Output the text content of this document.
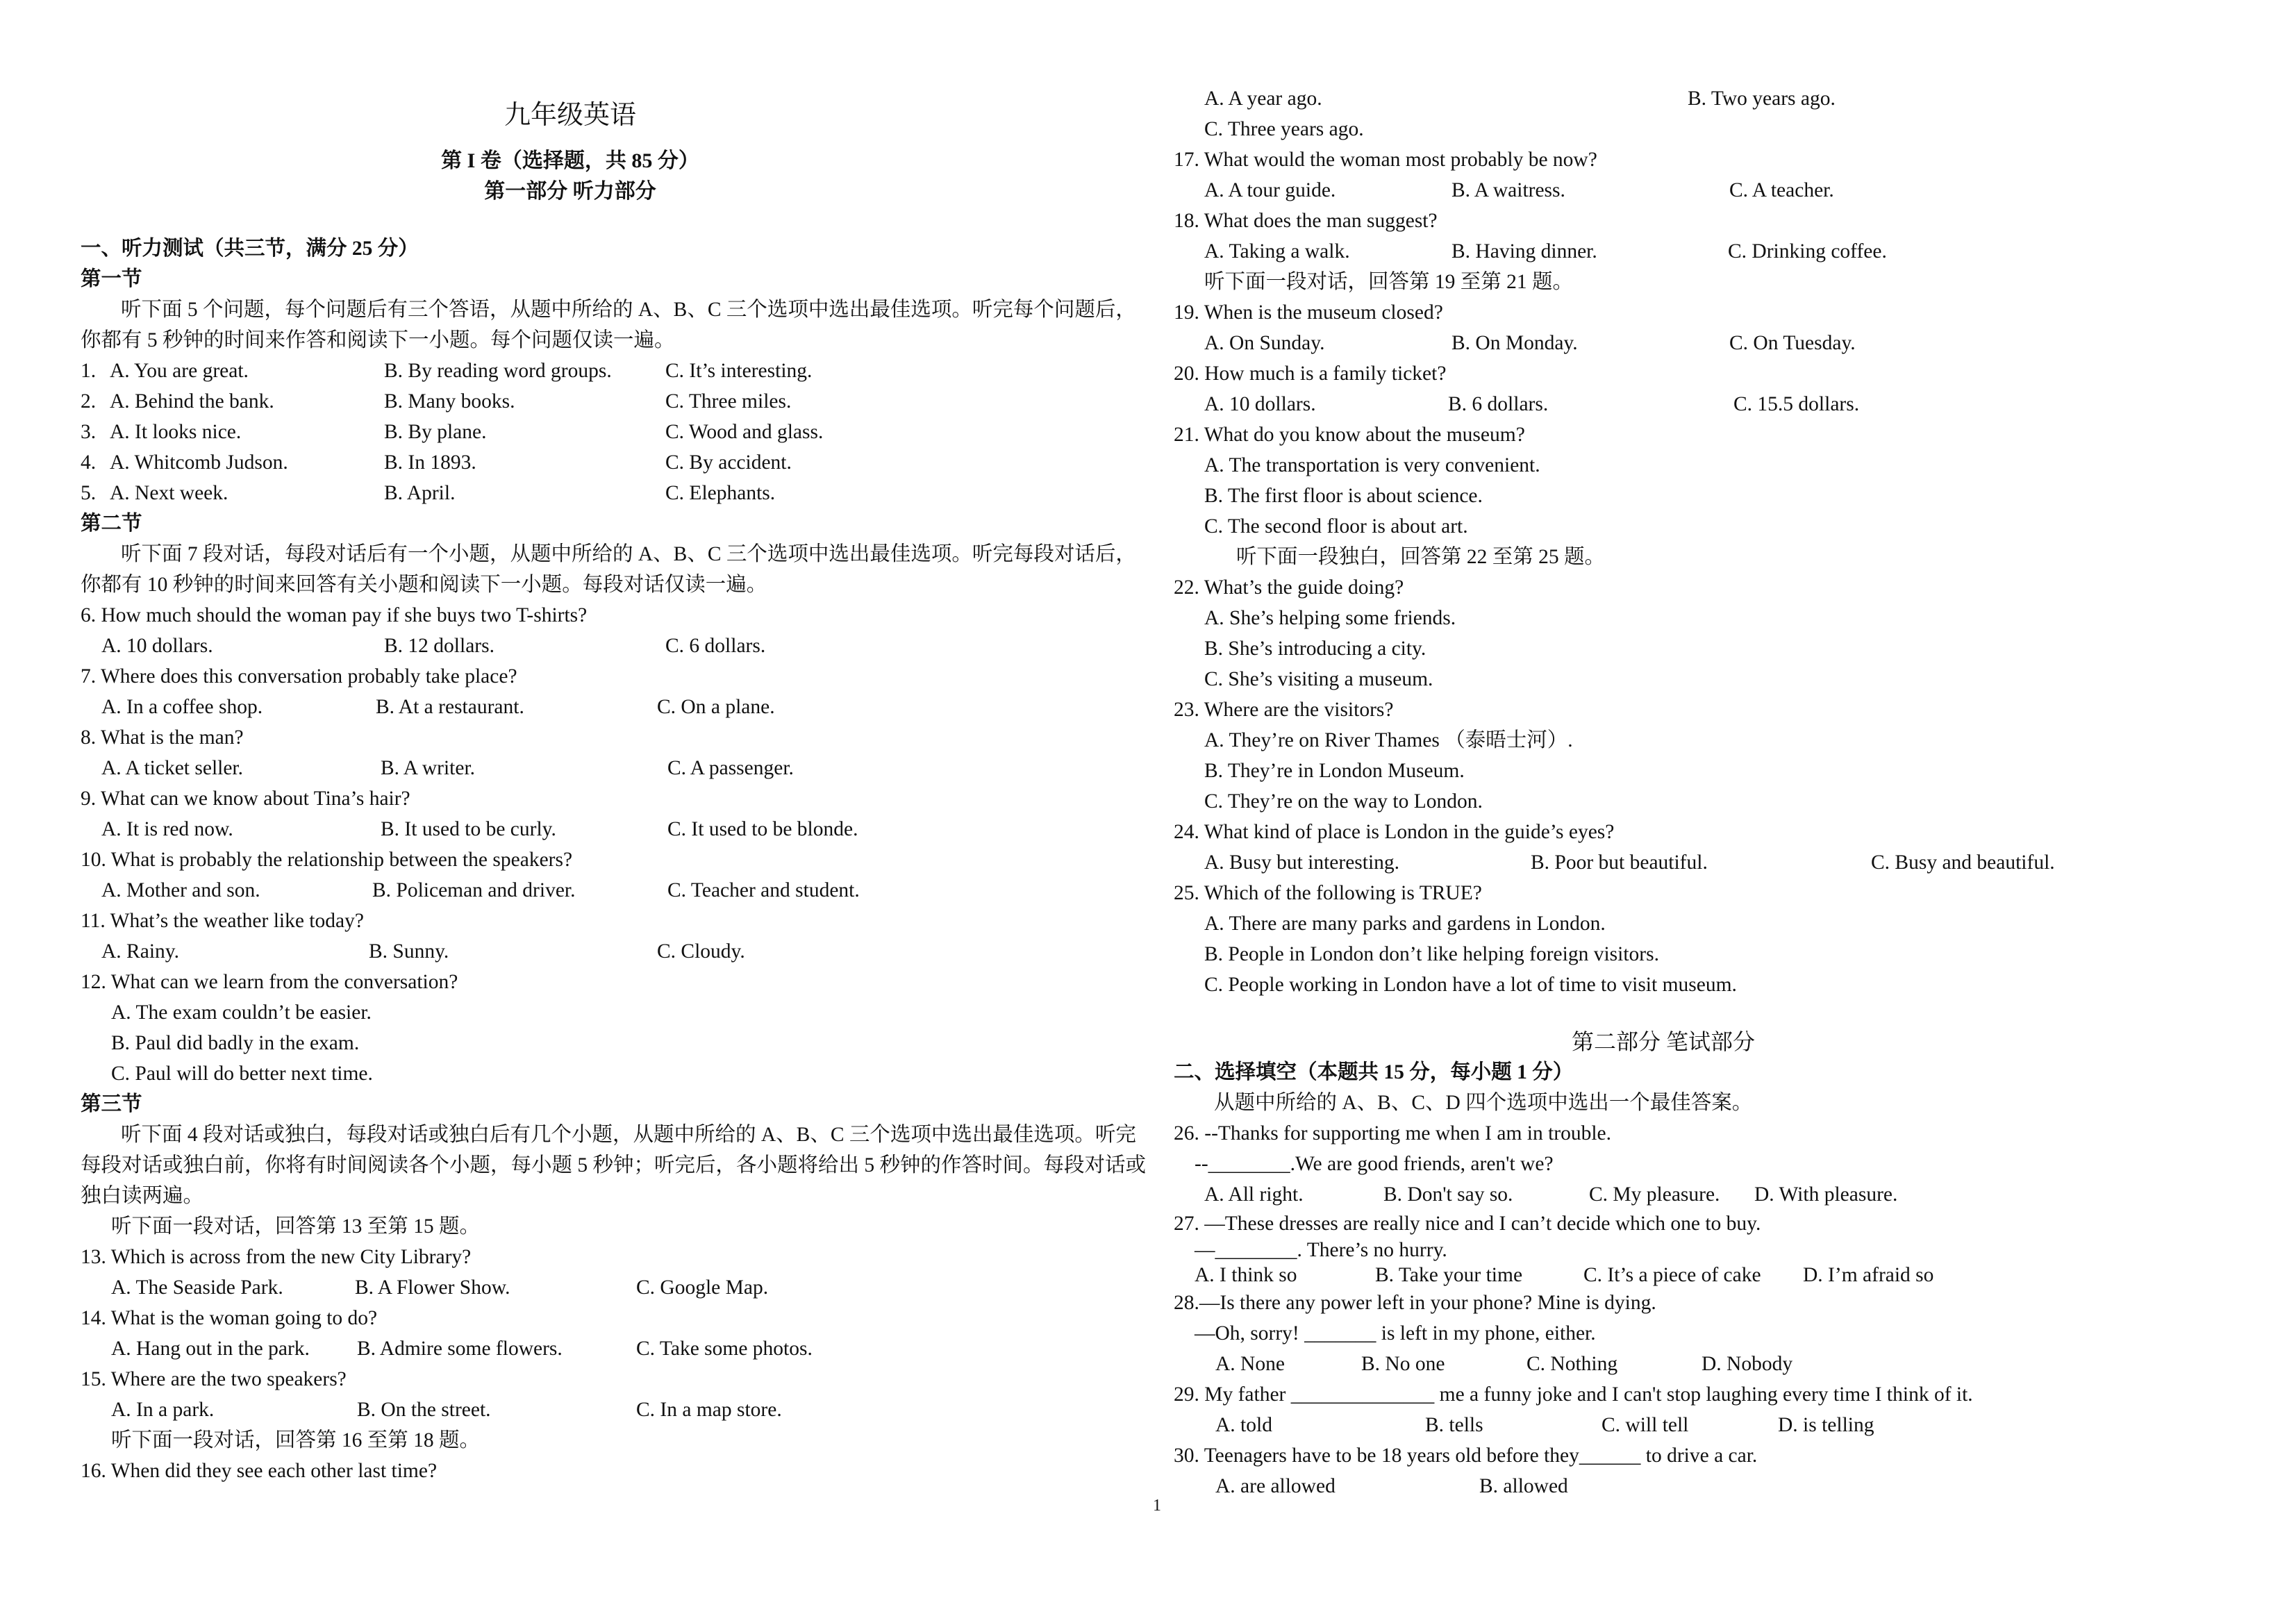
九年级英语
第 I 卷（选择题，共 85 分）
第一部分 听力部分
一、听力测试（共三节，满分 25 分）
第一节
听下面 5 个问题，每个问题后有三个答语，从题中所给的 A、B、C 三个选项中选出最佳选项。听完每个问题后，
你都有 5 秒钟的时间来作答和阅读下一小题。每个问题仅读一遍。
1. A. You are great.	B. By reading word groups.	C. It’s interesting.
2. A. Behind the bank.	B. Many books.	C. Three miles.
3. A. It looks nice.	B. By plane.	C. Wood and glass.
4. A. Whitcomb Judson.	B. In 1893.	C. By accident.
5. A. Next week.	B. April.	C. Elephants.
第二节
听下面 7 段对话，每段对话后有一个小题，从题中所给的 A、B、C 三个选项中选出最佳选项。听完每段对话后，
你都有 10 秒钟的时间来回答有关小题和阅读下一小题。每段对话仅读一遍。
6. How much should the woman pay if she buys two T-shirts?
A. 10 dollars.	B. 12 dollars.	C. 6 dollars.
7. Where does this conversation probably take place?
A. In a coffee shop.	B. At a restaurant.	C. On a plane.
8. What is the man?
A. A ticket seller.	B. A writer.	C. A passenger.
9. What can we know about Tina’s hair?
A. It is red now.	B. It used to be curly.	C. It used to be blonde.
10. What is probably the relationship between the speakers?
A. Mother and son.	B. Policeman and driver.	C. Teacher and student.
11. What’s the weather like today?
A. Rainy.	B. Sunny.	C. Cloudy.
12. What can we learn from the conversation?
A. The exam couldn’t be easier.
B. Paul did badly in the exam.
C. Paul will do better next time.
第三节
听下面 4 段对话或独白，每段对话或独白后有几个小题，从题中所给的 A、B、C 三个选项中选出最佳选项。听完
每段对话或独白前，你将有时间阅读各个小题，每小题 5 秒钟；听完后，各小题将给出 5 秒钟的作答时间。每段对话或
独白读两遍。
听下面一段对话，回答第 13 至第 15 题。
13. Which is across from the new City Library?
A. The Seaside Park.	B. A Flower Show.	C. Google Map.
14. What is the woman going to do?
A. Hang out in the park. B. Admire some flowers.	C. Take some photos.
15. Where are the two speakers?
A. In a park.	B. On the street.	C. In a map store.
听下面一段对话，回答第 16 至第 18 题。
16. When did they see each other last time?
A. A year ago.	B. Two years ago.
C. Three years ago.
17. What would the woman most probably be now?
A. A tour guide.	B. A waitress.	C. A teacher.
18. What does the man suggest?
A. Taking a walk.	B. Having dinner.	C. Drinking coffee.
听下面一段对话，回答第 19 至第 21 题。
19. When is the museum closed?
A. On Sunday.	B. On Monday.	C. On Tuesday.
20. How much is a family ticket?
A. 10 dollars.	B. 6 dollars.	C. 15.5 dollars.
21. What do you know about the museum?
A. The transportation is very convenient.
B. The first floor is about science.
C. The second floor is about art.
听下面一段独白，回答第 22 至第 25 题。
22. What’s the guide doing?
A. She’s helping some friends.
B. She’s introducing a city.
C. She’s visiting a museum.
23. Where are the visitors?
A. They’re on River Thames （泰晤士河）.
B. They’re in London Museum.
C. They’re on the way to London.
24. What kind of place is London in the guide’s eyes?
A. Busy but interesting.	B. Poor but beautiful.	C. Busy and beautiful.
25. Which of the following is TRUE?
A. There are many parks and gardens in London.
B. People in London don’t like helping foreign visitors.
C. People working in London have a lot of time to visit museum.
第二部分 笔试部分
二、选择填空（本题共 15 分，每小题 1 分）
从题中所给的 A、B、C、D 四个选项中选出一个最佳答案。
26. --Thanks for supporting me when I am in trouble.
--________.We are good friends, aren't we?
A. All right.	B. Don't say so.	C. My pleasure. D. With pleasure.
27. —These dresses are really nice and I can’t decide which one to buy.
—________. There’s no hurry.
A. I think so	B. Take your time	C. It’s a piece of cake D. I’m afraid so
28.—Is there any power left in your phone? Mine is dying.
—Oh, sorry! _______ is left in my phone, either.
A. None	B. No one	C. Nothing	D. Nobody
29. My father ______________ me a funny joke and I can't stop laughing every time I think of it.
A. told	B. tells	C. will tell	D. is telling
30. Teenagers have to be 18 years old before they______ to drive a car.
A. are allowed	B. allowed
1
